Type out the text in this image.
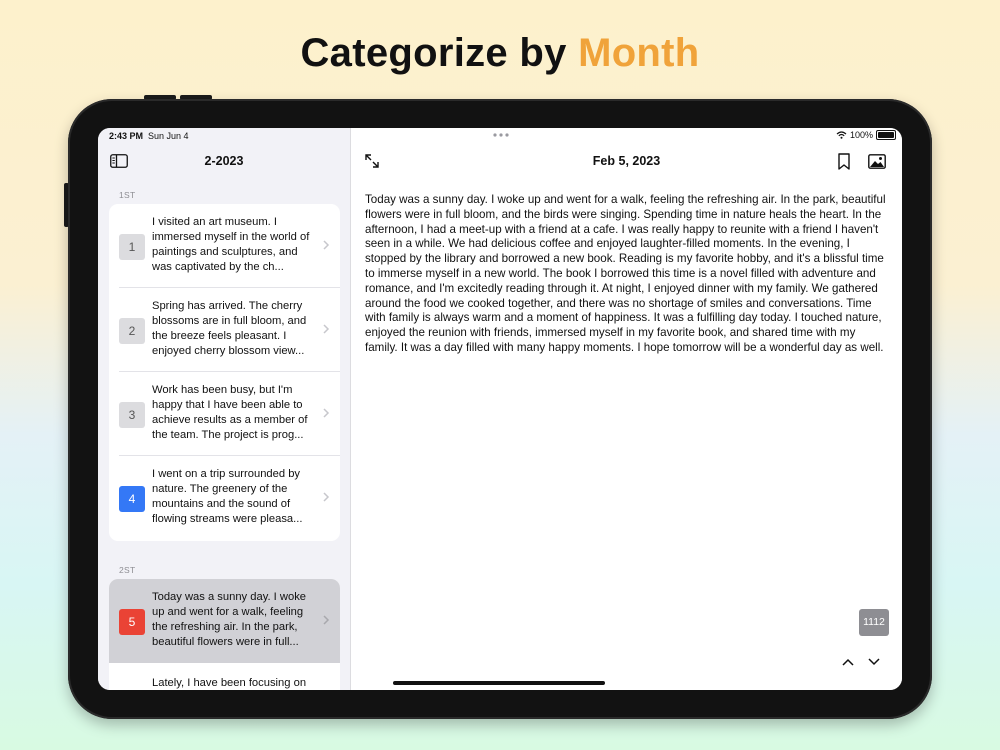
Categorize by Month
2:43 PM Sun Jun 4
2-2023
1ST
1
I visited an art museum. I immersed myself in the world of paintings and sculptures, and was captivated by the ch...
2
Spring has arrived. The cherry blossoms are in full bloom, and the breeze feels pleasant. I enjoyed cherry blossom view...
3
Work has been busy, but I'm happy that I have been able to achieve results as a member of the team. The project is prog...
4
I went on a trip surrounded by nature. The greenery of the mountains and the sound of flowing streams were pleasa...
2ST
5
Today was a sunny day. I woke up and went for a walk, feeling the refreshing air. In the park, beautiful flowers were in full...
Lately, I have been focusing on
100%
Feb 5, 2023
Today was a sunny day. I woke up and went for a walk, feeling the refreshing air. In the park, beautiful flowers were in full bloom, and the birds were singing. Spending time in nature heals the heart. In the afternoon, I had a meet-up with a friend at a cafe. I was really happy to reunite with a friend I haven't seen in a while. We had delicious coffee and enjoyed laughter-filled moments. In the evening, I stopped by the library and borrowed a new book. Reading is my favorite hobby, and it's a blissful time to immerse myself in a new world. The book I borrowed this time is a novel filled with adventure and romance, and I'm excitedly reading through it. At night, I enjoyed dinner with my family. We gathered around the food we cooked together, and there was no shortage of smiles and conversations. Time with family is always warm and a moment of happiness. It was a fulfilling day today. I touched nature, enjoyed the reunion with friends, immersed myself in my favorite book, and shared time with my family. It was a day filled with many happy moments. I hope tomorrow will be a wonderful day as well.
1112
